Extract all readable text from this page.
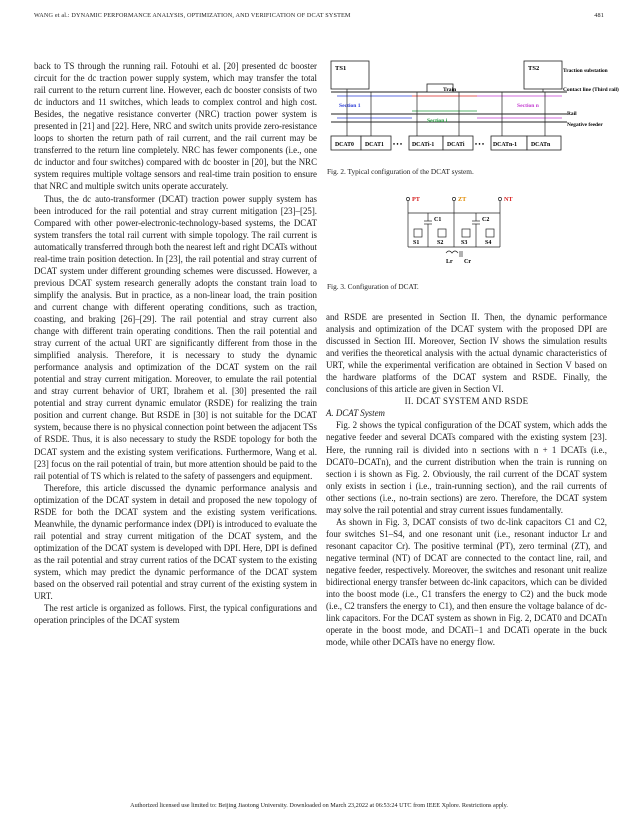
WANG et al.: DYNAMIC PERFORMANCE ANALYSIS, OPTIMIZATION, AND VERIFICATION OF DCAT SYSTEM	481

back to TS through the running rail. Fotouhi et al. [20] presented dc booster circuit for the dc traction power supply system, which may transfer the total rail current to the return current line. However, each dc booster consists of two dc inductors and 11 switches, which leads to complex control and high cost. Besides, the negative resistance converter (NRC) traction power system is presented in [21] and [22]. Here, NRC and switch units provide zero-resistance loops to shorten the return path of rail current, and the rail current may be transferred to the return line completely. NRC has fewer components (i.e., one dc inductor and four switches) compared with dc booster in [20], but the NRC system requires multiple voltage sensors and real-time train position to ensure that NRC and multiple switch units operate accurately.

Thus, the dc auto-transformer (DCAT) traction power supply system has been introduced for the rail potential and stray current mitigation [23]–[25]. Compared with other power-electronic-technology-based systems, the DCAT system transfers the total rail current with simple topology. The rail current is automatically transferred through both the nearest left and right DCATs without real-time train position detection. In [23], the rail potential and stray current of DCAT system under different grounding schemes were discussed. However, a previous DCAT system research generally adopts the constant train load to simplify the analysis. But in practice, as a non-linear load, the train position and current change with different operating conditions, such as traction, coasting, and braking [26]–[29]. The rail potential and stray current also change with different train operating conditions. Then the rail potential and stray current of the actual URT are significantly different from those in the simplified analysis. Therefore, it is necessary to study the dynamic performance analysis and optimization of the DCAT system on the rail potential and stray current mitigation. Moreover, to emulate the rail potential and stray current behavior of URT, Ibrahem et al. [30] presented the rail potential and stray current dynamic emulator (RSDE) for realizing the train position and current change. But RSDE in [30] is not suitable for the DCAT system, because there is no physical connection point between the adjacent TSs of RSDE. Thus, it is also necessary to study the RSDE topology for both the DCAT system and the existing system verifications. Furthermore, Wang et al. [23] focus on the rail potential of train, but more attention should be paid to the rail potential of TS which is related to the safety of passengers and equipment.

Therefore, this article discussed the dynamic performance analysis and optimization of the DCAT system in detail and proposed the new topology of RSDE for both the DCAT system and the existing system verifications. Meanwhile, the dynamic performance index (DPI) is introduced to evaluate the rail potential and stray current mitigation of the DCAT system, and the optimization of the DCAT system is developed with DPI. Here, DPI is defined as the rail potential and stray current ratios of the DCAT system to the existing system, which may predict the dynamic performance of the DCAT system based on the observed rail potential and stray current of the existing system in URT.

The rest article is organized as follows. First, the typical configurations and operation principles of the DCAT system

TS1	TS2	Traction substation
Contact line (Third rail)
Rail
Negative feeder
Train
Section 1
Section i
Section n
DCAT0 DCAT1	DCATi-1 DCATi	DCATn-1 DCATn
• • •	• • •
Fig. 2. Typical configuration of the DCAT system.
PT	ZT	NT
C1	C2
S1	S2	S3	S4
Lr Cr
Fig. 3. Configuration of DCAT.

and RSDE are presented in Section II. Then, the dynamic performance analysis and optimization of the DCAT system with the proposed DPI are discussed in Section III. Moreover, Section IV shows the simulation results and verifies the theoretical analysis with the actual dynamic characteristics of URT, while the experimental verification are obtained in Section V based on the hardware platforms of the DCAT system and RSDE. Finally, the conclusions of this article are given in Section VI.

II. DCAT SYSTEM AND RSDE

A. DCAT System

Fig. 2 shows the typical configuration of the DCAT system, which adds the negative feeder and several DCATs compared with the existing system [23]. Here, the running rail is divided into n sections with n + 1 DCATs (i.e., DCAT0–DCATn), and the current distribution when the train is running on section i is shown as Fig. 2. Obviously, the rail current of the DCAT system only exists in section i (i.e., train-running section), and the rail currents of other sections (i.e., no-train sections) are zero. Therefore, the DCAT system may solve the rail potential and stray current issues fundamentally.

As shown in Fig. 3, DCAT consists of two dc-link capacitors C1 and C2, four switches S1–S4, and one resonant unit (i.e., resonant inductor Lr and resonant capacitor Cr). The positive terminal (PT), zero terminal (ZT), and negative terminal (NT) of DCAT are connected to the contact line, rail, and negative feeder, respectively. Moreover, the switches and resonant unit realize bidirectional energy transfer between dc-link capacitors, which can be divided into the boost mode (i.e., C1 transfers the energy to C2) and the buck mode (i.e., C2 transfers the energy to C1), and then ensure the voltage balance of dc-link capacitors. For the DCAT system as shown in Fig. 2, DCAT0 and DCATn operate in the boost mode, and DCATi−1 and DCATi operate in the buck mode, while other DCATs have no energy flow.

Authorized licensed use limited to: Beijing Jiaotong University. Downloaded on March 23,2022 at 06:53:24 UTC from IEEE Xplore. Restrictions apply.
